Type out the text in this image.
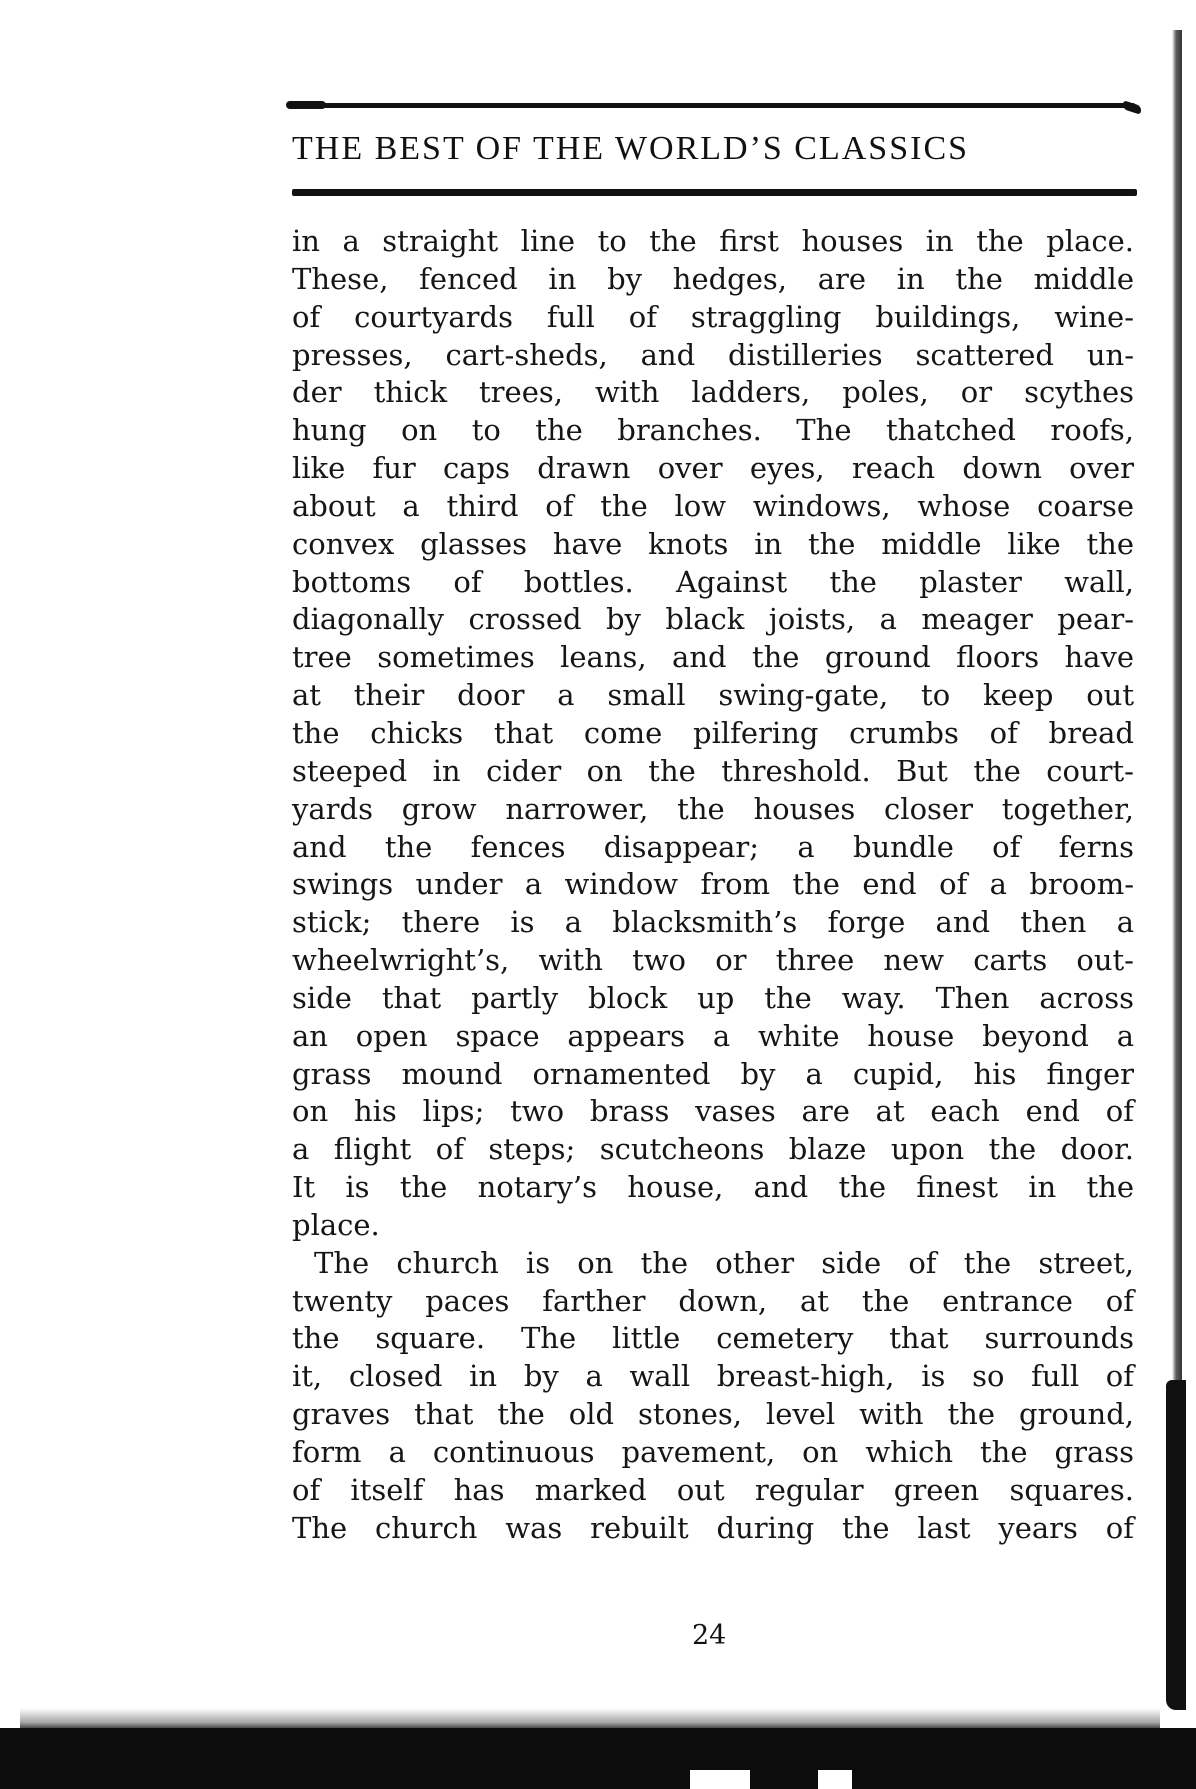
THE BEST OF THE WORLD’S CLASSICS
in a straight line to the first houses in the place.
These, fenced in by hedges, are in the middle
of courtyards full of straggling buildings, wine-
presses, cart-sheds, and distilleries scattered un-
der thick trees, with ladders, poles, or scythes
hung on to the branches. The thatched roofs,
like fur caps drawn over eyes, reach down over
about a third of the low windows, whose coarse
convex glasses have knots in the middle like the
bottoms of bottles. Against the plaster wall,
diagonally crossed by black joists, a meager pear-
tree sometimes leans, and the ground floors have
at their door a small swing-gate, to keep out
the chicks that come pilfering crumbs of bread
steeped in cider on the threshold. But the court-
yards grow narrower, the houses closer together,
and the fences disappear; a bundle of ferns
swings under a window from the end of a broom-
stick; there is a blacksmith’s forge and then a
wheelwright’s, with two or three new carts out-
side that partly block up the way. Then across
an open space appears a white house beyond a
grass mound ornamented by a cupid, his finger
on his lips; two brass vases are at each end of
a flight of steps; scutcheons blaze upon the door.
It is the notary’s house, and the finest in the
place.
The church is on the other side of the street,
twenty paces farther down, at the entrance of
the square. The little cemetery that surrounds
it, closed in by a wall breast-high, is so full of
graves that the old stones, level with the ground,
form a continuous pavement, on which the grass
of itself has marked out regular green squares.
The church was rebuilt during the last years of
24
